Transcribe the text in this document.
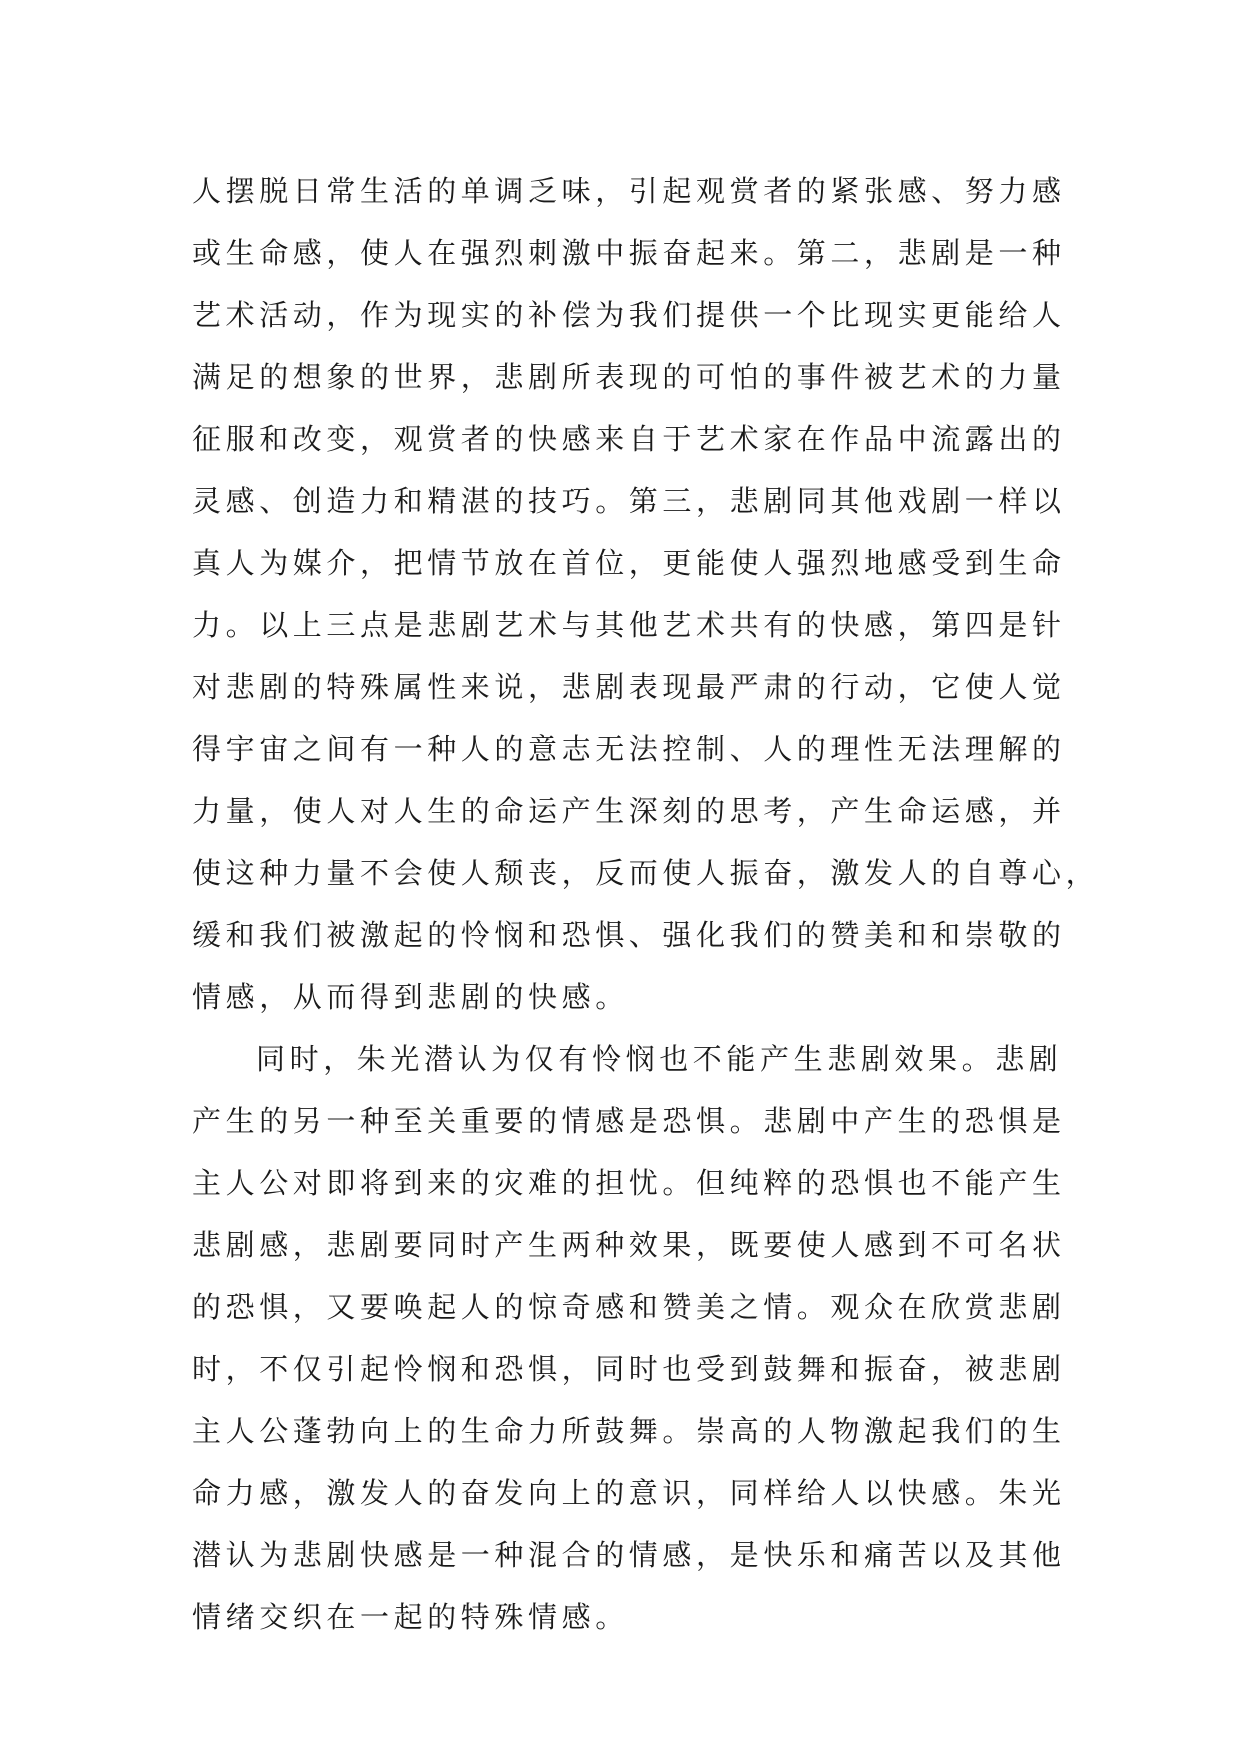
人摆脱日常生活的单调乏味，引起观赏者的紧张感、努力感
或生命感，使人在强烈刺激中振奋起来。第二，悲剧是一种
艺术活动，作为现实的补偿为我们提供一个比现实更能给人
满足的想象的世界，悲剧所表现的可怕的事件被艺术的力量
征服和改变，观赏者的快感来自于艺术家在作品中流露出的
灵感、创造力和精湛的技巧。第三，悲剧同其他戏剧一样以
真人为媒介，把情节放在首位，更能使人强烈地感受到生命
力。以上三点是悲剧艺术与其他艺术共有的快感，第四是针
对悲剧的特殊属性来说，悲剧表现最严肃的行动，它使人觉
得宇宙之间有一种人的意志无法控制、人的理性无法理解的
力量，使人对人生的命运产生深刻的思考，产生命运感，并
使这种力量不会使人颓丧，反而使人振奋，激发人的自尊心，
缓和我们被激起的怜悯和恐惧、强化我们的赞美和和崇敬的
情感，从而得到悲剧的快感。
同时，朱光潜认为仅有怜悯也不能产生悲剧效果。悲剧
产生的另一种至关重要的情感是恐惧。悲剧中产生的恐惧是
主人公对即将到来的灾难的担忧。但纯粹的恐惧也不能产生
悲剧感，悲剧要同时产生两种效果，既要使人感到不可名状
的恐惧，又要唤起人的惊奇感和赞美之情。观众在欣赏悲剧
时，不仅引起怜悯和恐惧，同时也受到鼓舞和振奋，被悲剧
主人公蓬勃向上的生命力所鼓舞。崇高的人物激起我们的生
命力感，激发人的奋发向上的意识，同样给人以快感。朱光
潜认为悲剧快感是一种混合的情感，是快乐和痛苦以及其他
情绪交织在一起的特殊情感。
